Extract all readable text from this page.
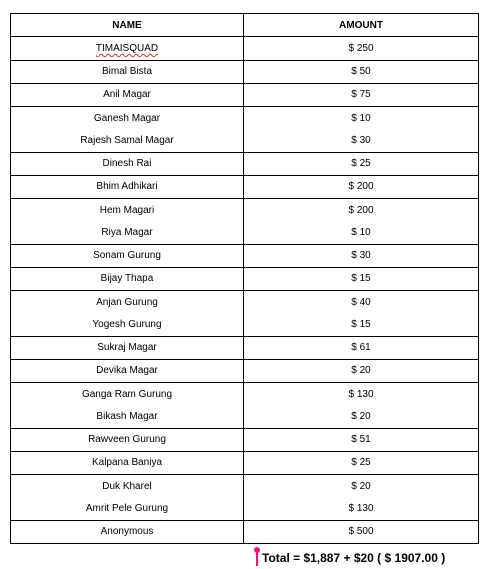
NAME	AMOUNT
TIMAISQUAD	$ 250
Bimal Bista	$ 50
Anil Magar	$ 75
Ganesh Magar	$ 10
Rajesh Samal Magar	$ 30
Dinesh Rai	$ 25
Bhim Adhikari	$ 200
Hem Magari	$ 200
Riya Magar	$ 10
Sonam Gurung	$ 30
Bijay Thapa	$ 15
Anjan Gurung	$ 40
Yogesh Gurung	$ 15
Sukraj Magar	$ 61
Devika Magar	$ 20
Ganga Ram Gurung	$ 130
Bikash Magar	$ 20
Rawveen Gurung	$ 51
Kalpana Baniya	$ 25
Duk Kharel	$ 20
Amrit Pele Gurung	$ 130
Anonymous	$ 500
Total = $1,887 + $20 ( $ 1907.00 )
